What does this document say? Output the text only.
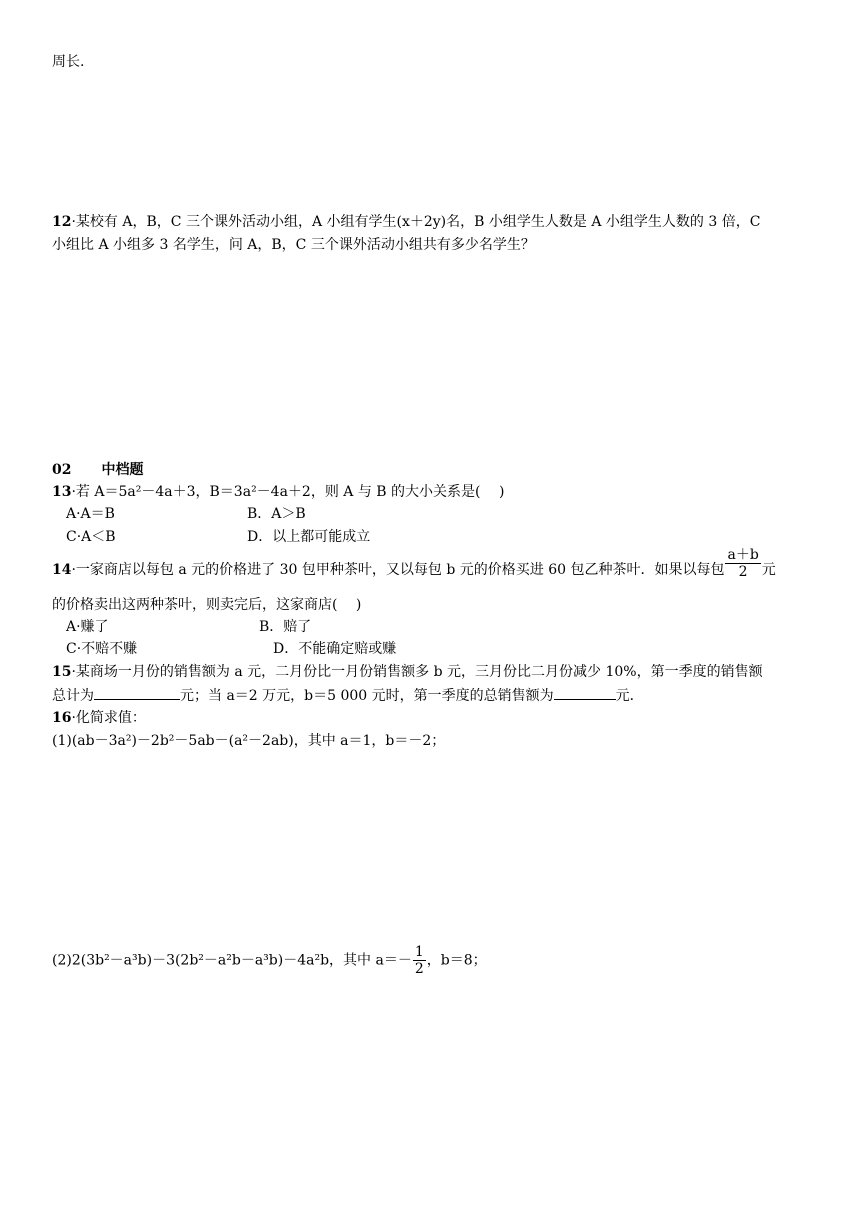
周长.
12·某校有 A，B，C 三个课外活动小组，A 小组有学生(x＋2y)名，B 小组学生人数是 A 小组学生人数的 3 倍，C
小组比 A 小组多 3 名学生，问 A，B，C 三个课外活动小组共有多少名学生？
02 中档题
13·若 A＝5a²－4a＋3，B＝3a²－4a＋2，则 A 与 B 的大小关系是(　 )
A·A＝B	B．A＞B
C·A＜B	D．以上都可能成立
14·一家商店以每包 a 元的价格进了 30 包甲种茶叶，又以每包 b 元的价格买进 60 包乙种茶叶．如果以每包 $\frac{a+b}{2}$ 元
的价格卖出这两种茶叶，则卖完后，这家商店(　 )
A·赚了	B．赔了
C·不赔不赚	D．不能确定赔或赚
15·某商场一月份的销售额为 a 元，二月份比一月份销售额多 b 元，三月份比二月份减少 10%，第一季度的销售额
总计为	元；当 a＝2 万元，b＝5 000 元时，第一季度的总销售额为	元．
16·化简求值：
(1)(ab－3a²)－2b²－5ab－(a²－2ab)，其中 a＝1，b＝－2；
(2)2(3b²－a³b)－3(2b²－a²b－a³b)－4a²b，其中 $a=- \frac{1}{2}$ ，b＝8；
